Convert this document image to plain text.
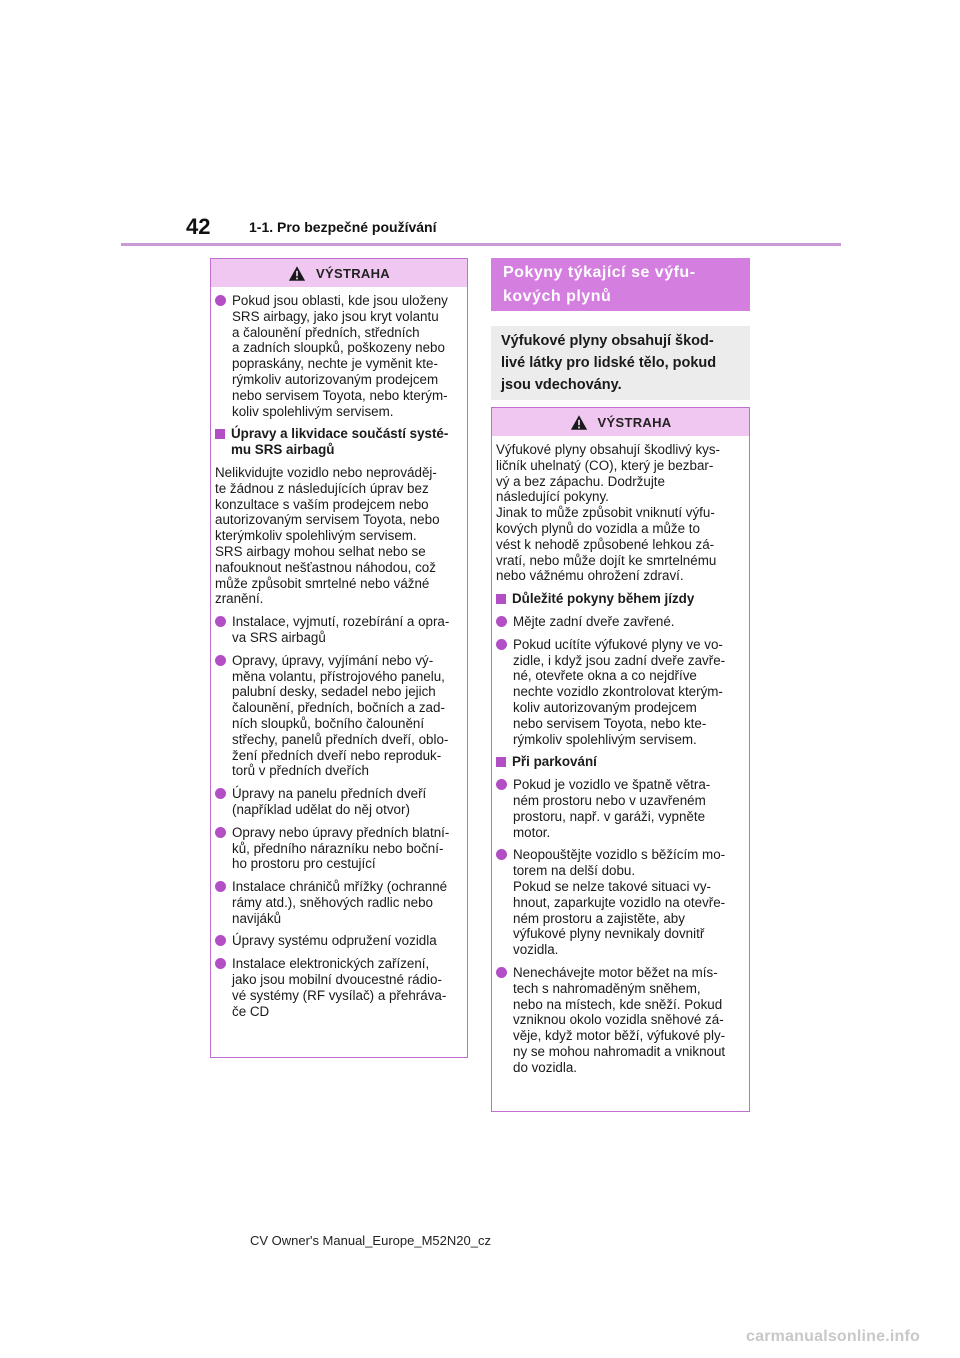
42	1-1. Pro bezpečné používání
VÝSTRAHA
Pokud jsou oblasti, kde jsou uloženy
SRS airbagy, jako jsou kryt volantu
a čalounění předních, středních
a zadních sloupků, poškozeny nebo
popraskány, nechte je vyměnit kte-
rýmkoliv autorizovaným prodejcem
nebo servisem Toyota, nebo kterým-
koliv spolehlivým servisem.
Úpravy a likvidace součástí systé-
mu SRS airbagů
Nelikvidujte vozidlo nebo neprováděj-
te žádnou z následujících úprav bez
konzultace s vaším prodejcem nebo
autorizovaným servisem Toyota, nebo
kterýmkoliv spolehlivým servisem.
SRS airbagy mohou selhat nebo se
nafouknout nešťastnou náhodou, což
může způsobit smrtelné nebo vážné
zranění.
Instalace, vyjmutí, rozebírání a opra-
va SRS airbagů
Opravy, úpravy, vyjímání nebo vý-
měna volantu, přístrojového panelu,
palubní desky, sedadel nebo jejich
čalounění, předních, bočních a zad-
ních sloupků, bočního čalounění
střechy, panelů předních dveří, oblo-
žení předních dveří nebo reproduk-
torů v předních dveřích
Úpravy na panelu předních dveří
(například udělat do něj otvor)
Opravy nebo úpravy předních blatní-
ků, předního nárazníku nebo boční-
ho prostoru pro cestující
Instalace chráničů mřížky (ochranné
rámy atd.), sněhových radlic nebo
navijáků
Úpravy systému odpružení vozidla
Instalace elektronických zařízení,
jako jsou mobilní dvoucestné rádio-
vé systémy (RF vysílač) a přehráva-
če CD
Pokyny týkající se výfu-
kových plynů
Výfukové plyny obsahují škod-
livé látky pro lidské tělo, pokud
jsou vdechovány.
VÝSTRAHA
Výfukové plyny obsahují škodlivý kys-
ličník uhelnatý (CO), který je bezbar-
vý a bez zápachu. Dodržujte
následující pokyny.
Jinak to může způsobit vniknutí výfu-
kových plynů do vozidla a může to
vést k nehodě způsobené lehkou zá-
vratí, nebo může dojít ke smrtelnému
nebo vážnému ohrožení zdraví.
Důležité pokyny během jízdy
Mějte zadní dveře zavřené.
Pokud ucítíte výfukové plyny ve vo-
zidle, i když jsou zadní dveře zavře-
né, otevřete okna a co nejdříve
nechte vozidlo zkontrolovat kterým-
koliv autorizovaným prodejcem
nebo servisem Toyota, nebo kte-
rýmkoliv spolehlivým servisem.
Při parkování
Pokud je vozidlo ve špatně větra-
ném prostoru nebo v uzavřeném
prostoru, např. v garáži, vypněte
motor.
Neopouštějte vozidlo s běžícím mo-
torem na delší dobu.
Pokud se nelze takové situaci vy-
hnout, zaparkujte vozidlo na otevře-
ném prostoru a zajistěte, aby
výfukové plyny nevnikaly dovnitř
vozidla.
Nenechávejte motor běžet na mís-
tech s nahromaděným sněhem,
nebo na místech, kde sněží. Pokud
vzniknou okolo vozidla sněhové zá-
věje, když motor běží, výfukové ply-
ny se mohou nahromadit a vniknout
do vozidla.
CV Owner's Manual_Europe_M52N20_cz
carmanualsonline.info
